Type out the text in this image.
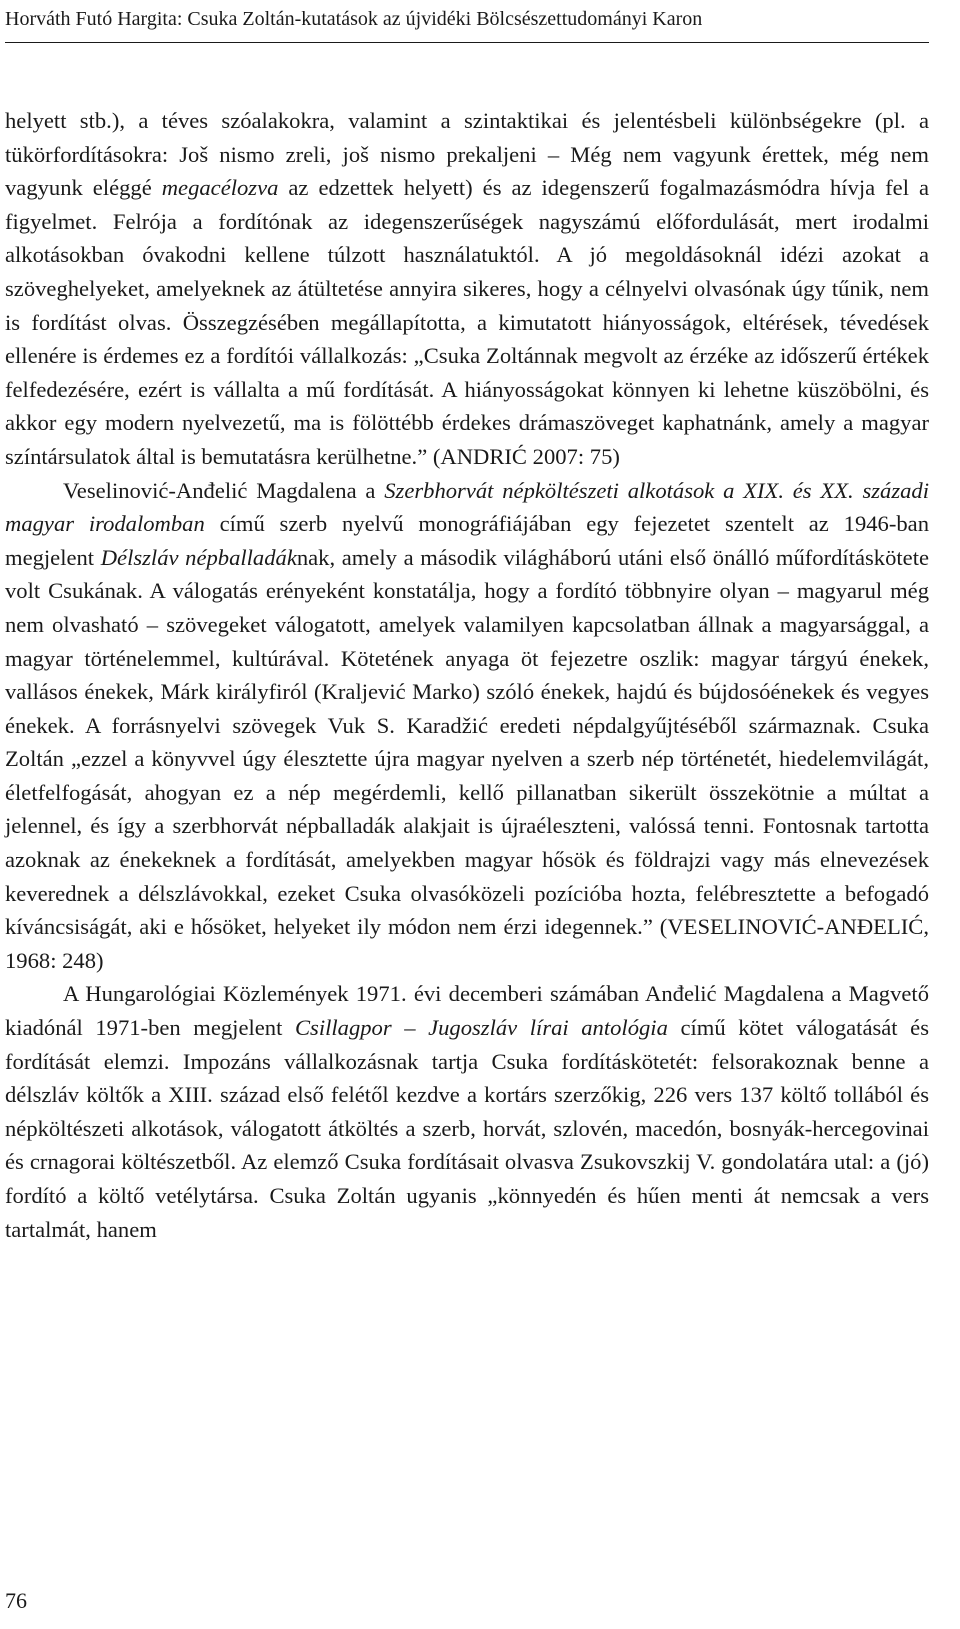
Horváth Futó Hargita: Csuka Zoltán-kutatások az újvidéki Bölcsészettudományi Karon

helyett stb.), a téves szóalakokra, valamint a szintaktikai és jelentésbeli különbségekre (pl. a tükörfordításokra: Još nismo zreli, još nismo prekaljeni – Még nem vagyunk érettek, még nem vagyunk eléggé megacélozva az edzettek helyett) és az idegenszerű fogalmazásmódra hívja fel a figyelmet. Felrója a fordítónak az idegenszerűségek nagyszámú előfordulását, mert irodalmi alkotásokban óvakodni kellene túlzott használatuktól. A jó megoldásoknál idézi azokat a szöveghelyeket, amelyeknek az átültetése annyira sikeres, hogy a célnyelvi olvasónak úgy tűnik, nem is fordítást olvas. Összegzésében megállapította, a kimutatott hiányosságok, eltérések, tévedések ellenére is érdemes ez a fordítói vállalkozás: „Csuka Zoltánnak megvolt az érzéke az időszerű értékek felfedezésére, ezért is vállalta a mű fordítását. A hiányosságokat könnyen ki lehetne küszöbölni, és akkor egy modern nyelvezetű, ma is fölöttébb érdekes drámaszöveget kaphatnánk, amely a magyar színtársulatok által is bemutatásra kerülhetne.” (ANDRIĆ 2007: 75)

Veselinović-Anđelić Magdalena a Szerbhorvát népköltészeti alkotások a XIX. és XX. századi magyar irodalomban című szerb nyelvű monográfiájában egy fejezetet szentelt az 1946-ban megjelent Délszláv népballadáknak, amely a második világháború utáni első önálló műfordításkötete volt Csukának. A válogatás erényeként konstatálja, hogy a fordító többnyire olyan – magyarul még nem olvasható – szövegeket válogatott, amelyek valamilyen kapcsolatban állnak a magyarsággal, a magyar történelemmel, kultúrával. Kötetének anyaga öt fejezetre oszlik: magyar tárgyú énekek, vallásos énekek, Márk királyfiról (Kraljević Marko) szóló énekek, hajdú és bújdosóénekek és vegyes énekek. A forrásnyelvi szövegek Vuk S. Karadžić eredeti népdalgyűjtéséből származnak. Csuka Zoltán „ezzel a könyvvel úgy élesztette újra magyar nyelven a szerb nép történetét, hiedelemvilágát, életfelfogását, ahogyan ez a nép megérdemli, kellő pillanatban sikerült összekötnie a múltat a jelennel, és így a szerbhorvát népballadák alakjait is újraéleszteni, valóssá tenni. Fontosnak tartotta azoknak az énekeknek a fordítását, amelyekben magyar hősök és földrajzi vagy más elnevezések keverednek a délszlávokkal, ezeket Csuka olvasóközeli pozícióba hozta, felébresztette a befogadó kíváncsiságát, aki e hősöket, helyeket ily módon nem érzi idegennek.” (VESELINOVIĆ-ANĐELIĆ, 1968: 248)

A Hungarológiai Közlemények 1971. évi decemberi számában Anđelić Magdalena a Magvető kiadónál 1971-ben megjelent Csillagpor – Jugoszláv lírai antológia című kötet válogatását és fordítását elemzi. Impozáns vállalkozásnak tartja Csuka fordításkötetét: felsorakoznak benne a délszláv költők a XIII. század első felétől kezdve a kortárs szerzőkig, 226 vers 137 költő tollából és népköltészeti alkotások, válogatott átköltés a szerb, horvát, szlovén, macedón, bosnyák-hercegovinai és crnagorai költészetből. Az elemző Csuka fordításait olvasva Zsukovszkij V. gondolatára utal: a (jó) fordító a költő vetélytársa. Csuka Zoltán ugyanis „könnyedén és hűen menti át nemcsak a vers tartalmát, hanem

76
